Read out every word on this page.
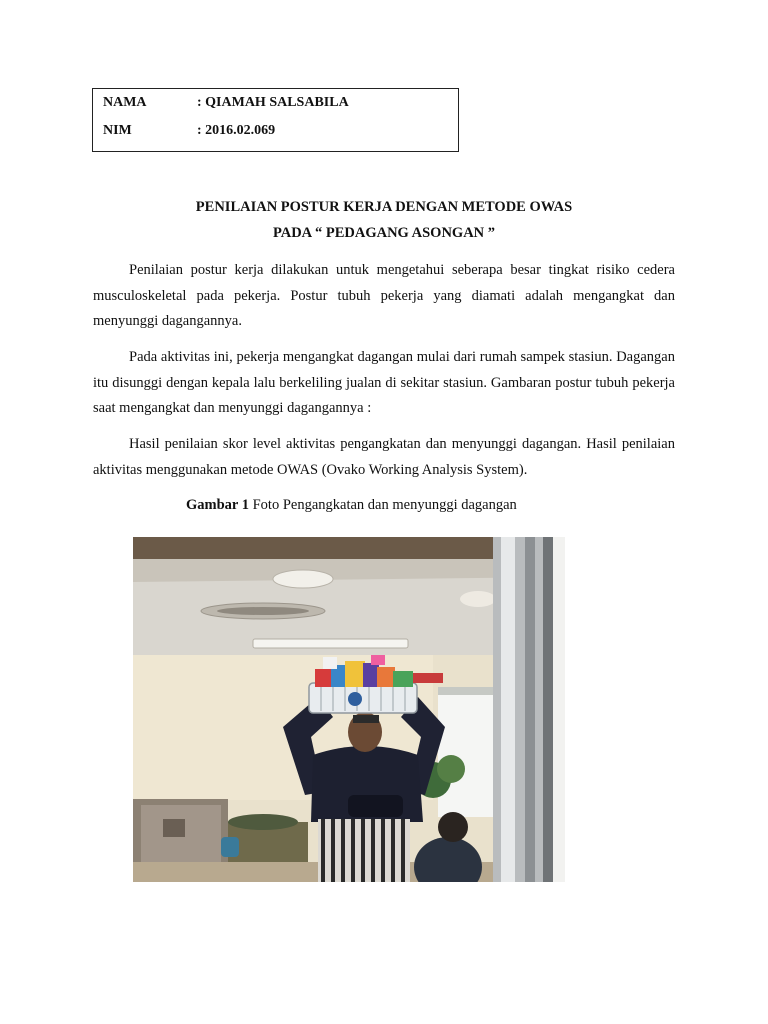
NAMA	: QIAMAH SALSABILA
NIM	: 2016.02.069
PENILAIAN POSTUR KERJA DENGAN METODE OWAS
PADA “ PEDAGANG ASONGAN ”

Penilaian postur kerja dilakukan untuk mengetahui seberapa besar tingkat risiko cedera musculoskeletal pada pekerja. Postur tubuh pekerja yang diamati adalah mengangkat dan menyunggi dagangannya.

Pada aktivitas ini, pekerja mengangkat dagangan mulai dari rumah sampek stasiun. Dagangan itu disunggi dengan kepala lalu berkeliling jualan di sekitar stasiun. Gambaran postur tubuh pekerja saat mengangkat dan menyunggi dagangannya :

Hasil penilaian skor level aktivitas pengangkatan dan menyunggi dagangan. Hasil penilaian aktivitas menggunakan metode OWAS (Ovako Working Analysis System).

Gambar 1 Foto Pengangkatan dan menyunggi dagangan
